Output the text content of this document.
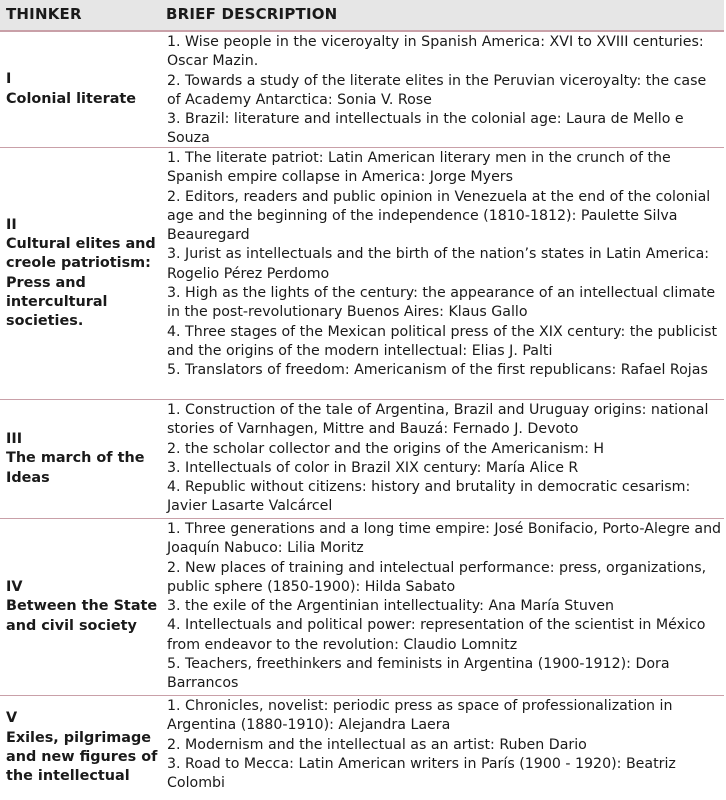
THINKER	BRIEF DESCRIPTION
I
Colonial literate
1. Wise people in the viceroyalty in Spanish America: XVI to XVIII centuries: Oscar Mazin.
2. Towards a study of the literate elites in the Peruvian viceroyalty: the case of Academy Antarctica: Sonia V. Rose
3. Brazil: literature and intellectuals in the colonial age: Laura de Mello e Souza
II
Cultural elites and creole patriotism: Press and intercultural societies.
1. The literate patriot: Latin American literary men in the crunch of the Spanish empire collapse in America: Jorge Myers
2. Editors, readers and public opinion in Venezuela at the end of the colonial age and the beginning of the independence (1810-1812): Paulette Silva Beauregard
3. Jurist as intellectuals and the birth of the nation’s states in Latin America: Rogelio Pérez Perdomo
3. High as the lights of the century: the appearance of an intellectual climate in the post-revolutionary Buenos Aires: Klaus Gallo
4. Three stages of the Mexican political press of the XIX century: the publicist and the origins of the modern intellectual: Elias J. Palti
5. Translators of freedom: Americanism of the first republicans: Rafael Rojas
III
The march of the Ideas
1. Construction of the tale of Argentina, Brazil and Uruguay origins: national stories of Varnhagen, Mittre and Bauzá: Fernado J. Devoto
2. the scholar collector and the origins of the Americanism: H
3. Intellectuals of color in Brazil XIX century: María Alice R
4. Republic without citizens: history and brutality in democratic cesarism: Javier Lasarte Valcárcel
IV
Between the State and civil society
1. Three generations and a long time empire: José Bonifacio, Porto-Alegre and Joaquín Nabuco: Lilia Moritz
2. New places of training and intelectual performance: press, organizations, public sphere (1850-1900): Hilda Sabato
3. the exile of the Argentinian intellectuality: Ana María Stuven
4. Intellectuals and political power: representation of the scientist in México from endeavor to the revolution: Claudio Lomnitz
5. Teachers, freethinkers and feminists in Argentina (1900-1912): Dora Barrancos
V
Exiles, pilgrimage and new figures of the intellectual
1. Chronicles, novelist: periodic press as space of professionalization in Argentina (1880-1910): Alejandra Laera
2. Modernism and the intellectual as an artist: Ruben Dario
3. Road to Mecca: Latin American writers in París (1900 - 1920): Beatriz Colombi
